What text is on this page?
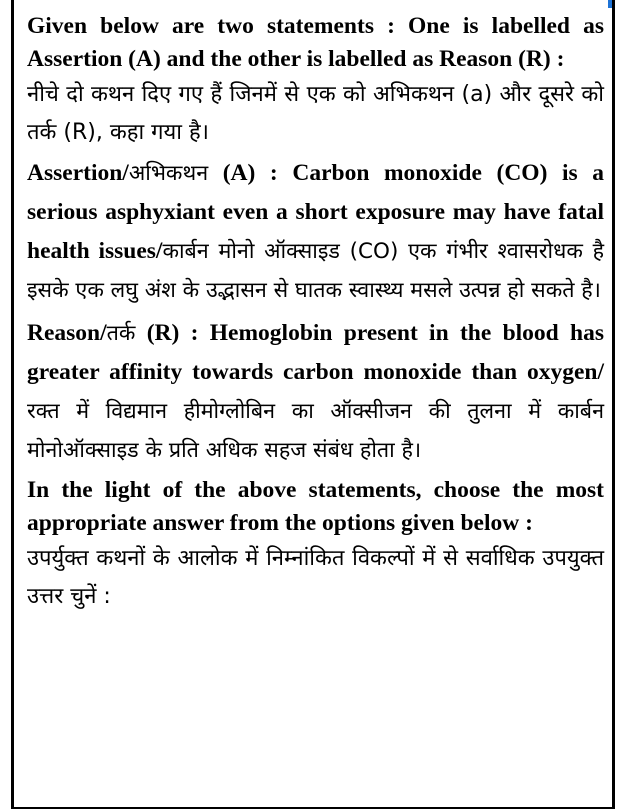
Given below are two statements : One is labelled as Assertion (A) and the other is labelled as Reason (R) :

नीचे दो कथन दिए गए हैं जिनमें से एक को अभिकथन (a) और दूसरे को तर्क (R), कहा गया है।

Assertion/अभिकथन (A) : Carbon monoxide (CO) is a serious asphyxiant even a short exposure may have fatal health issues/कार्बन मोनो ऑक्साइड (CO) एक गंभीर श्वासरोधक है इसके एक लघु अंश के उद्भासन से घातक स्वास्थ्य मसले उत्पन्न हो सकते है।

Reason/तर्क (R) : Hemoglobin present in the blood has greater affinity towards carbon monoxide than oxygen/रक्त में विद्यमान हीमोग्लोबिन का ऑक्सीजन की तुलना में कार्बन मोनोऑक्साइड के प्रति अधिक सहज संबंध होता है।

In the light of the above statements, choose the most appropriate answer from the options given below :

उपर्युक्त कथनों के आलोक में निम्नांकित विकल्पों में से सर्वाधिक उपयुक्त उत्तर चुनें :
